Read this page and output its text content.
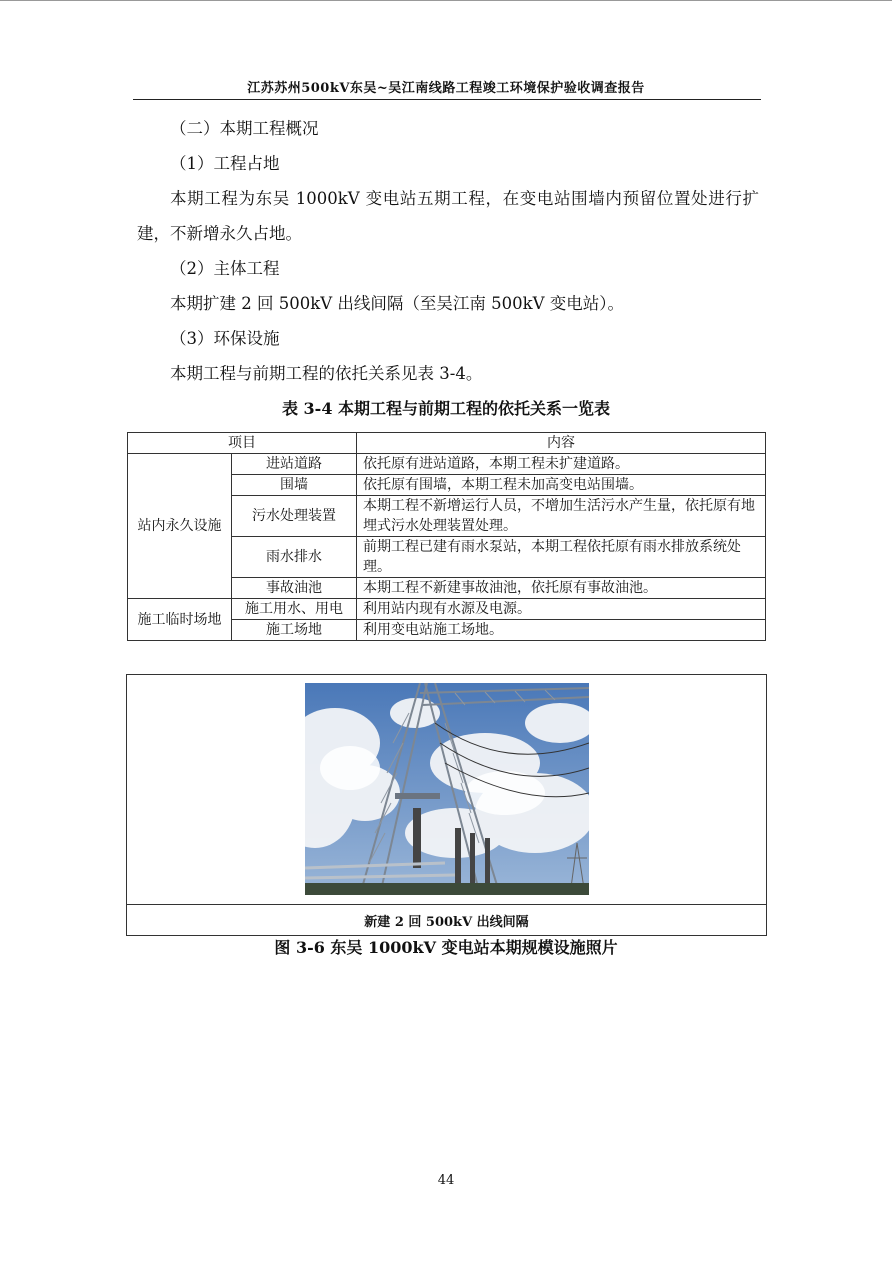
江苏苏州500kV东吴~吴江南线路工程竣工环境保护验收调查报告

（二）本期工程概况

（1）工程占地

本期工程为东吴 1000kV 变电站五期工程，在变电站围墙内预留位置处进行扩建，不新增永久占地。

（2）主体工程

本期扩建 2 回 500kV 出线间隔（至吴江南 500kV 变电站）。

（3）环保设施

本期工程与前期工程的依托关系见表 3-4。

表 3-4 本期工程与前期工程的依托关系一览表
项目		内容
站内永久设施	进站道路	依托原有进站道路，本期工程未扩建道路。
	围墙	依托原有围墙，本期工程未加高变电站围墙。
	污水处理装置	本期工程不新增运行人员，不增加生活污水产生量，依托原有地埋式污水处理装置处理。
	雨水排水	前期工程已建有雨水泵站，本期工程依托原有雨水排放系统处理。
	事故油池	本期工程不新建事故油池，依托原有事故油池。
施工临时场地	施工用水、用电	利用站内现有水源及电源。
	施工场地	利用变电站施工场地。
新建 2 回 500kV 出线间隔
图 3-6 东吴 1000kV 变电站本期规模设施照片
44
